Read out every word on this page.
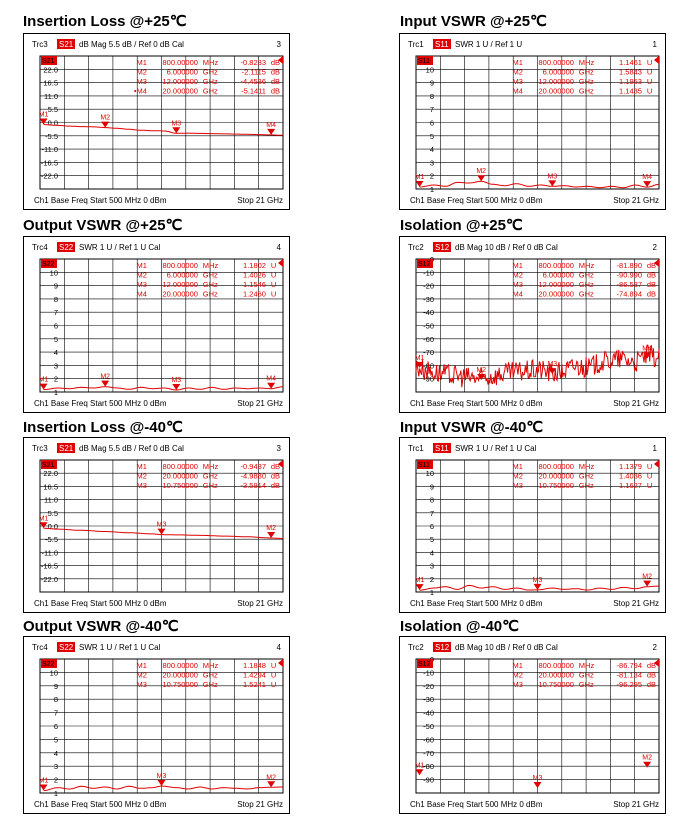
Insertion Loss @+25℃
Trc3 S21 dB Mag 5.5 dB / Ref 0 dB Cal	3
22.0
16.5
11.0
5.5
0.0
-5.5
-11.0
-16.5
-22.0
S21	M1 800.00000 MHz	-0.8233 dB
M2	6.000000 GHz	-2.1115 dB
M3 12.000000 GHz	-4.4536 dB
•M4 20.000000 GHz	-5.1411 dB
M1	M2
M3	M4
Ch1 Base Freq Start 500 MHz 0 dBm	Stop 21 GHz
Input VSWR @+25℃
Trc1 S11 SWR 1 U / Ref 1 U	1
10
9
8
7
6
5
4
3
2
1
S11	M1 800.00000 MHz	1.1461 U
M2	6.000000 GHz	1.5843 U
M3 12.000000 GHz	1.1953 U
M4 20.000000 GHz	1.1435 U
M1
M2
M3	M4
Ch1 Base Freq Start 500 MHz 0 dBm	Stop 21 GHz
Output VSWR @+25℃
Trc4 S22 SWR 1 U / Ref 1 U Cal	4
10
9
8
7
6
5
4
3
2
1
S22	M1 800.00000 MHz	1.1802 U
M2	6.000000 GHz	1.4026 U
M3 12.000000 GHz	1.1546 U
M4 20.000000 GHz	1.2460 U
M1	M2	M3	M4
Ch1 Base Freq Start 500 MHz 0 dBm	Stop 21 GHz
Isolation @+25℃
Trc2 S12 dB Mag 10 dB / Ref 0 dB Cal	2
-10
-20
-30
-40
-50
-60
-70
-80
-90
S12	M1 800.00000 MHz	-81.890 dB
M2	6.000000 GHz	-90.990 dB
M3 12.000000 GHz	-86.537 dB
M4 20.000000 GHz	-74.894 dB
M1
M2
M3
M4
Ch1 Base Freq Start 500 MHz 0 dBm	Stop 21 GHz
Insertion Loss @-40℃
Trc3 S21 dB Mag 5.5 dB / Ref 0 dB Cal	3
22.0
16.5
11.0
5.5
0.0
-5.5
-11.0
-16.5
-22.0
S21	M1 800.00000 MHz	-0.9437 dB
M2 20.000000 GHz	-4.9880 dB
M3 10.750000 GHz	-3.5914 dB
M1
M3	M2
Ch1 Base Freq Start 500 MHz 0 dBm	Stop 21 GHz
Input VSWR @-40℃
Trc1 S11 SWR 1 U / Ref 1 U Cal	1
10
9
8
7
6
5
4
3
2
1
S11	M1 800.00000 MHz	1.1379 U
M2 20.000000 GHz	1.4036 U
M3 10.750000 GHz	1.1627 U
M1	M3	M2
Ch1 Base Freq Start 500 MHz 0 dBm	Stop 21 GHz
Output VSWR @-40℃
Trc4 S22 SWR 1 U / Ref 1 U Cal	4
10
9
8
7
6
5
4
3
2
1
S22	M1 800.00000 MHz	1.1848 U
M2 20.000000 GHz	1.4294 U
M3 10.750000 GHz	1.5241 U
M1
M3	M2
Ch1 Base Freq Start 500 MHz 0 dBm	Stop 21 GHz
Isolation @-40℃
Trc2 S12 dB Mag 10 dB / Ref 0 dB Cal	2
-10
-20
-30
-40
-50
-60
-70
-80
-90
S12	M1 800.00000 MHz	-86.794 dB
M2 20.000000 GHz	-81.134 dB
M3 10.750000 GHz	-96.295 dB
M1
M3
M2
Ch1 Base Freq Start 500 MHz 0 dBm	Stop 21 GHz
